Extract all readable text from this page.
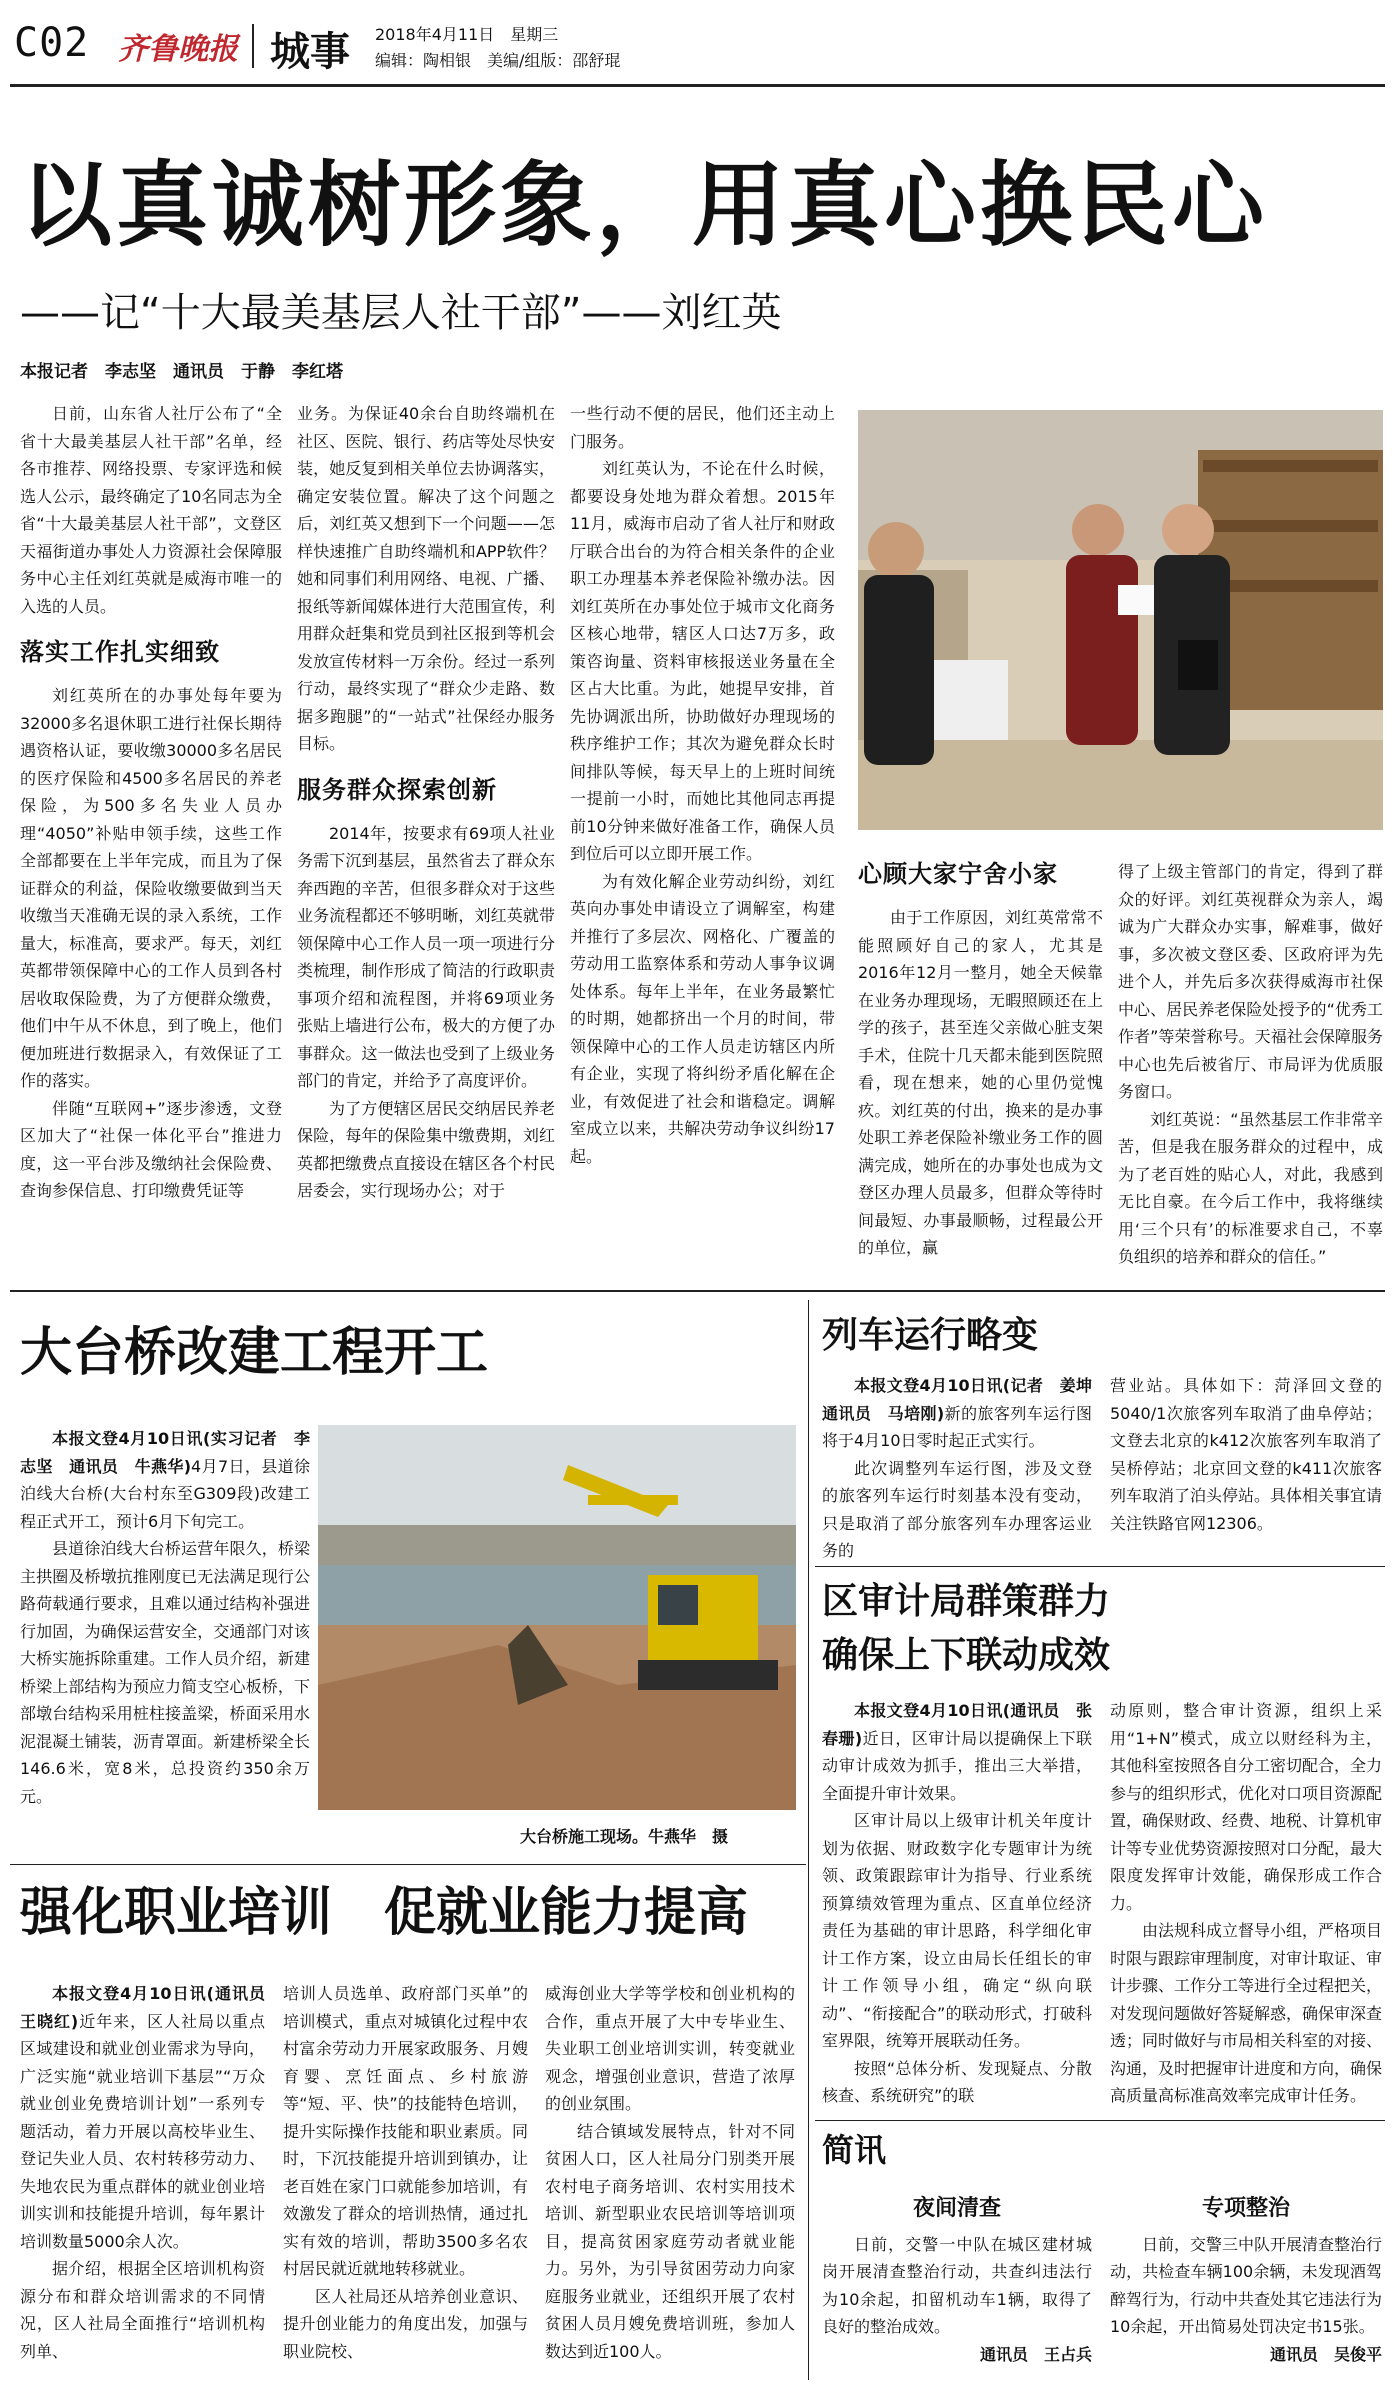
C02 齐鲁晚报 城事 2018年4月11日　星期三
编辑：陶相银　美编/组版：邵舒琨
以真诚树形象，用真心换民心
——记“十大最美基层人社干部”——刘红英
本报记者　李志坚　通讯员　于静　李红塔

日前，山东省人社厅公布了“全省十大最美基层人社干部”名单，经各市推荐、网络投票、专家评选和候选人公示，最终确定了10名同志为全省“十大最美基层人社干部”，文登区天福街道办事处人力资源社会保障服务中心主任刘红英就是威海市唯一的入选的人员。

落实工作扎实细致

刘红英所在的办事处每年要为32000多名退休职工进行社保长期待遇资格认证，要收缴30000多名居民的医疗保险和4500多名居民的养老保险，为500多名失业人员办理“4050”补贴申领手续，这些工作全部都要在上半年完成，而且为了保证群众的利益，保险收缴要做到当天收缴当天准确无误的录入系统，工作量大，标准高，要求严。每天，刘红英都带领保障中心的工作人员到各村居收取保险费，为了方便群众缴费，他们中午从不休息，到了晚上，他们便加班进行数据录入，有效保证了工作的落实。

伴随“互联网+”逐步渗透，文登区加大了“社保一体化平台”推进力度，这一平台涉及缴纳社会保险费、查询参保信息、打印缴费凭证等

业务。为保证40余台自助终端机在社区、医院、银行、药店等处尽快安装，她反复到相关单位去协调落实，确定安装位置。解决了这个问题之后，刘红英又想到下一个问题——怎样快速推广自助终端机和APP软件？她和同事们利用网络、电视、广播、报纸等新闻媒体进行大范围宣传，利用群众赶集和党员到社区报到等机会发放宣传材料一万余份。经过一系列行动，最终实现了“群众少走路、数据多跑腿”的“一站式”社保经办服务目标。

服务群众探索创新

2014年，按要求有69项人社业务需下沉到基层，虽然省去了群众东奔西跑的辛苦，但很多群众对于这些业务流程都还不够明晰，刘红英就带领保障中心工作人员一项一项进行分类梳理，制作形成了简洁的行政职责事项介绍和流程图，并将69项业务张贴上墙进行公布，极大的方便了办事群众。这一做法也受到了上级业务部门的肯定，并给予了高度评价。

为了方便辖区居民交纳居民养老保险，每年的保险集中缴费期，刘红英都把缴费点直接设在辖区各个村民居委会，实行现场办公；对于

一些行动不便的居民，他们还主动上门服务。

刘红英认为，不论在什么时候，都要设身处地为群众着想。2015年11月，威海市启动了省人社厅和财政厅联合出台的为符合相关条件的企业职工办理基本养老保险补缴办法。因刘红英所在办事处位于城市文化商务区核心地带，辖区人口达7万多，政策咨询量、资料审核报送业务量在全区占大比重。为此，她提早安排，首先协调派出所，协助做好办理现场的秩序维护工作；其次为避免群众长时间排队等候，每天早上的上班时间统一提前一小时，而她比其他同志再提前10分钟来做好准备工作，确保人员到位后可以立即开展工作。

为有效化解企业劳动纠纷，刘红英向办事处申请设立了调解室，构建并推行了多层次、网格化、广覆盖的劳动用工监察体系和劳动人事争议调处体系。每年上半年，在业务最繁忙的时期，她都挤出一个月的时间，带领保障中心的工作人员走访辖区内所有企业，实现了将纠纷矛盾化解在企业，有效促进了社会和谐稳定。调解室成立以来，共解决劳动争议纠纷17起。

心顾大家宁舍小家

由于工作原因，刘红英常常不能照顾好自己的家人，尤其是2016年12月一整月，她全天候靠在业务办理现场，无暇照顾还在上学的孩子，甚至连父亲做心脏支架手术，住院十几天都未能到医院照看，现在想来，她的心里仍觉愧疚。刘红英的付出，换来的是办事处职工养老保险补缴业务工作的圆满完成，她所在的办事处也成为文登区办理人员最多，但群众等待时间最短、办事最顺畅，过程最公开的单位，赢

得了上级主管部门的肯定，得到了群众的好评。刘红英视群众为亲人，竭诚为广大群众办实事，解难事，做好事，多次被文登区委、区政府评为先进个人，并先后多次获得威海市社保中心、居民养老保险处授予的“优秀工作者”等荣誉称号。天福社会保障服务中心也先后被省厅、市局评为优质服务窗口。

刘红英说：“虽然基层工作非常辛苦，但是我在服务群众的过程中，成为了老百姓的贴心人，对此，我感到无比自豪。在今后工作中，我将继续用‘三个只有’的标准要求自己，不辜负组织的培养和群众的信任。”

大台桥改建工程开工

本报文登4月10日讯(实习记者　李志坚　通讯员　牛燕华)4月7日，县道徐泊线大台桥(大台村东至G309段)改建工程正式开工，预计6月下旬完工。

县道徐泊线大台桥运营年限久，桥梁主拱圈及桥墩抗推刚度已无法满足现行公路荷载通行要求，且难以通过结构补强进行加固，为确保运营安全，交通部门对该大桥实施拆除重建。工作人员介绍，新建桥梁上部结构为预应力简支空心板桥，下部墩台结构采用桩柱接盖梁，桥面采用水泥混凝土铺装，沥青罩面。新建桥梁全长146.6米，宽8米，总投资约350余万元。

大台桥施工现场。牛燕华　摄
列车运行略变

本报文登4月10日讯(记者　姜坤　通讯员　马培刚)新的旅客列车运行图将于4月10日零时起正式实行。

此次调整列车运行图，涉及文登的旅客列车运行时刻基本没有变动，只是取消了部分旅客列车办理客运业务的

营业站。具体如下：菏泽回文登的5040/1次旅客列车取消了曲阜停站；文登去北京的k412次旅客列车取消了吴桥停站；北京回文登的k411次旅客列车取消了泊头停站。具体相关事宜请关注铁路官网12306。

区审计局群策群力
确保上下联动成效

本报文登4月10日讯(通讯员　张春珊)近日，区审计局以提确保上下联动审计成效为抓手，推出三大举措，全面提升审计效果。

区审计局以上级审计机关年度计划为依据、财政数字化专题审计为统领、政策跟踪审计为指导、行业系统预算绩效管理为重点、区直单位经济责任为基础的审计思路，科学细化审计工作方案，设立由局长任组长的审计工作领导小组，确定“纵向联动”、“衔接配合”的联动形式，打破科室界限，统筹开展联动任务。

按照“总体分析、发现疑点、分散核查、系统研究”的联

动原则，整合审计资源，组织上采用“1+N”模式，成立以财经科为主，其他科室按照各自分工密切配合，全力参与的组织形式，优化对口项目资源配置，确保财政、经费、地税、计算机审计等专业优势资源按照对口分配，最大限度发挥审计效能，确保形成工作合力。

由法规科成立督导小组，严格项目时限与跟踪审理制度，对审计取证、审计步骤、工作分工等进行全过程把关，对发现问题做好答疑解惑，确保审深查透；同时做好与市局相关科室的对接、沟通，及时把握审计进度和方向，确保高质量高标准高效率完成审计任务。

简讯
夜间清查

日前，交警一中队在城区建材城岗开展清查整治行动，共查纠违法行为10余起，扣留机动车1辆，取得了良好的整治成效。

通讯员　王占兵
专项整治

日前，交警三中队开展清查整治行动，共检查车辆100余辆，未发现酒驾醉驾行为，行动中共查处其它违法行为10余起，开出简易处罚决定书15张。

通讯员　吴俊平
强化职业培训　促就业能力提高

本报文登4月10日讯(通讯员　王晓红)近年来，区人社局以重点区域建设和就业创业需求为导向，广泛实施“就业培训下基层”“万众就业创业免费培训计划”一系列专题活动，着力开展以高校毕业生、登记失业人员、农村转移劳动力、失地农民为重点群体的就业创业培训实训和技能提升培训，每年累计培训数量5000余人次。

据介绍，根据全区培训机构资源分布和群众培训需求的不同情况，区人社局全面推行“培训机构列单、

培训人员选单、政府部门买单”的培训模式，重点对城镇化过程中农村富余劳动力开展家政服务、月嫂育婴、烹饪面点、乡村旅游等“短、平、快”的技能特色培训，提升实际操作技能和职业素质。同时，下沉技能提升培训到镇办，让老百姓在家门口就能参加培训，有效激发了群众的培训热情，通过扎实有效的培训，帮助3500多名农村居民就近就地转移就业。

区人社局还从培养创业意识、提升创业能力的角度出发，加强与职业院校、

威海创业大学等学校和创业机构的合作，重点开展了大中专毕业生、失业职工创业培训实训，转变就业观念，增强创业意识，营造了浓厚的创业氛围。

结合镇域发展特点，针对不同贫困人口，区人社局分门别类开展农村电子商务培训、农村实用技术培训、新型职业农民培训等培训项目，提高贫困家庭劳动者就业能力。另外，为引导贫困劳动力向家庭服务业就业，还组织开展了农村贫困人员月嫂免费培训班，参加人数达到近100人。
